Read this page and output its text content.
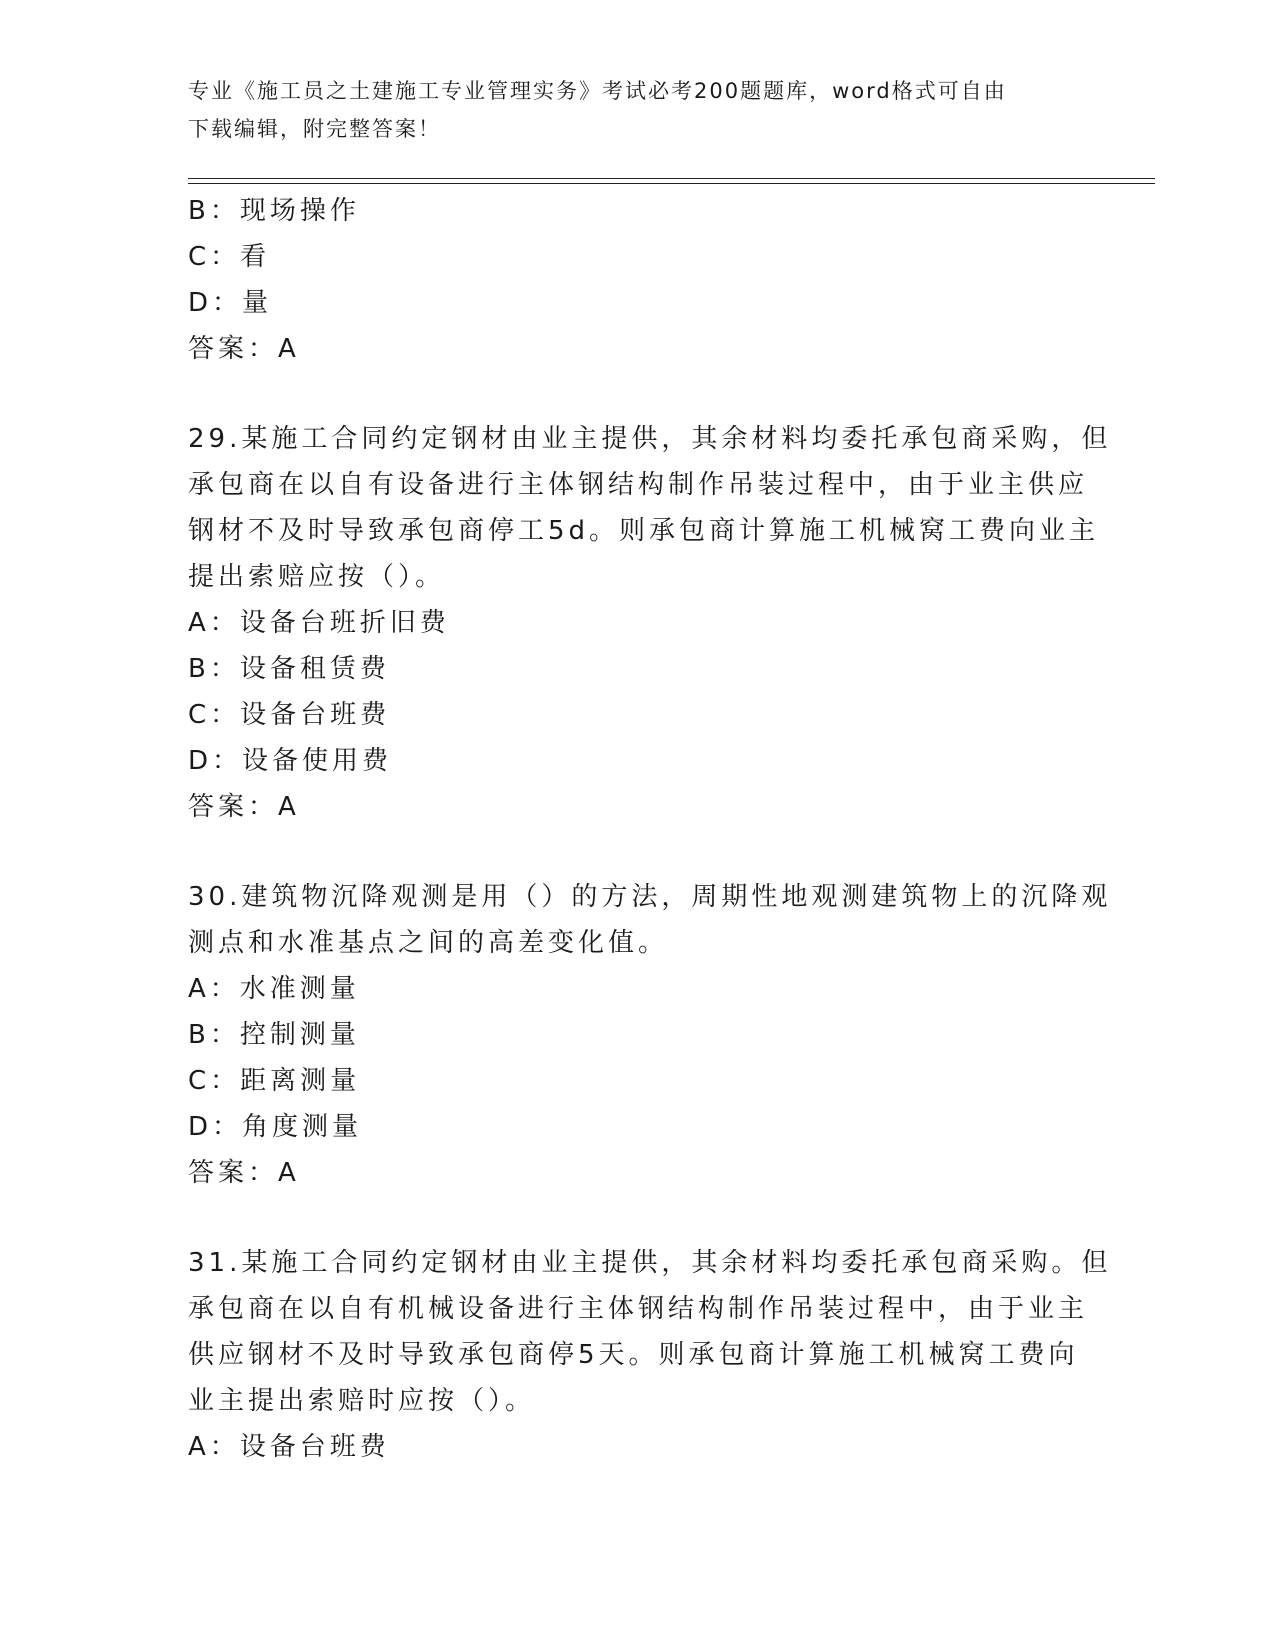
专业《施工员之土建施工专业管理实务》考试必考200题题库，word格式可自由
下载编辑，附完整答案！
B：现场操作
C：看
D：量
答案：A
29.某施工合同约定钢材由业主提供，其余材料均委托承包商采购，但
承包商在以自有设备进行主体钢结构制作吊装过程中，由于业主供应
钢材不及时导致承包商停工5d。则承包商计算施工机械窝工费向业主
提出索赔应按（）。
A：设备台班折旧费
B：设备租赁费
C：设备台班费
D：设备使用费
答案：A
30.建筑物沉降观测是用（）的方法，周期性地观测建筑物上的沉降观
测点和水准基点之间的高差变化值。
A：水准测量
B：控制测量
C：距离测量
D：角度测量
答案：A
31.某施工合同约定钢材由业主提供，其余材料均委托承包商采购。但
承包商在以自有机械设备进行主体钢结构制作吊装过程中，由于业主
供应钢材不及时导致承包商停5天。则承包商计算施工机械窝工费向
业主提出索赔时应按（）。
A：设备台班费
